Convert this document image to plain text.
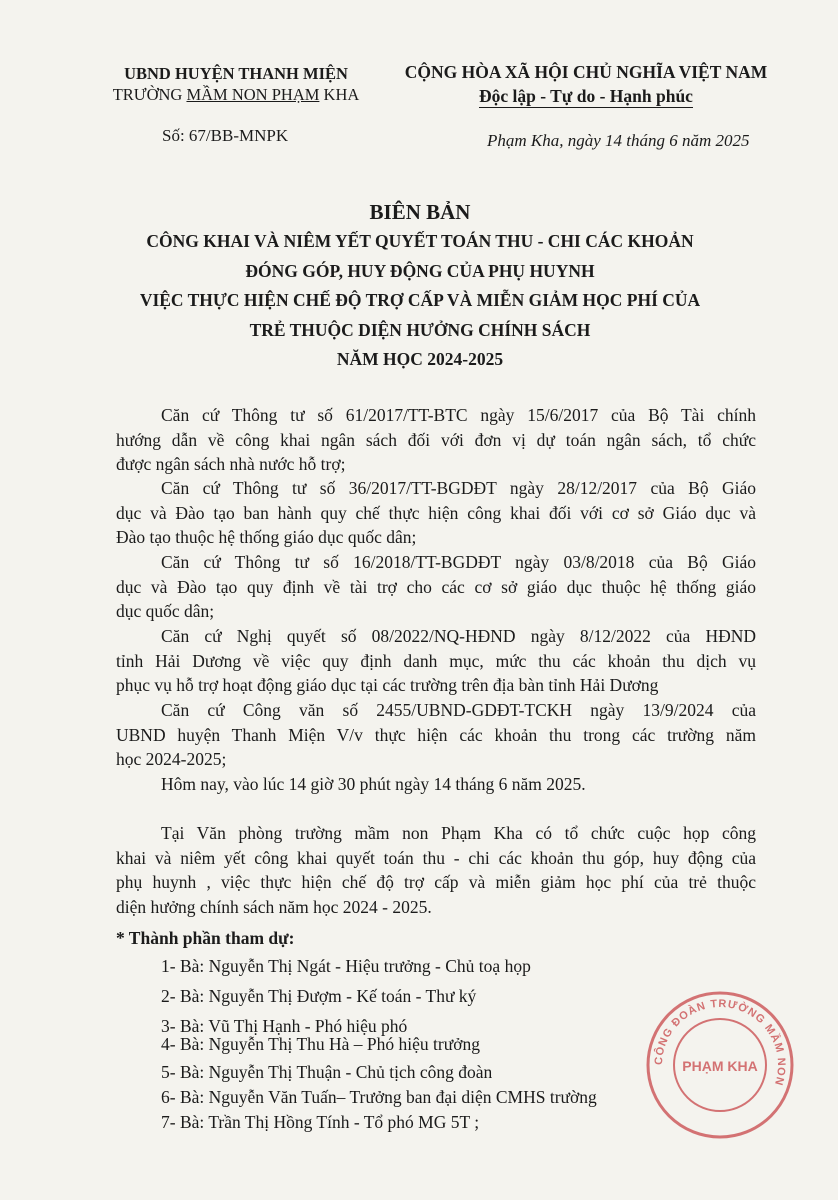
UBND HUYỆN THANH MIỆN
TRƯỜNG MẦM NON PHẠM KHA
CỘNG HÒA XÃ HỘI CHỦ NGHĨA VIỆT NAM
Độc lập - Tự do - Hạnh phúc
Số: 67/BB-MNPK	Phạm Kha, ngày 14 tháng 6 năm 2025
BIÊN BẢN
CÔNG KHAI VÀ NIÊM YẾT QUYẾT TOÁN THU - CHI CÁC KHOẢN
ĐÓNG GÓP, HUY ĐỘNG CỦA PHỤ HUYNH
VIỆC THỰC HIỆN CHẾ ĐỘ TRỢ CẤP VÀ MIỄN GIẢM HỌC PHÍ CỦA
TRẺ THUỘC DIỆN HƯỞNG CHÍNH SÁCH
NĂM HỌC 2024-2025
Căn cứ Thông tư số 61/2017/TT-BTC ngày 15/6/2017 của Bộ Tài chính
hướng dẫn về công khai ngân sách đối với đơn vị dự toán ngân sách, tổ chức
được ngân sách nhà nước hỗ trợ;
Căn cứ Thông tư số 36/2017/TT-BGDĐT ngày 28/12/2017 của Bộ Giáo
dục và Đào tạo ban hành quy chế thực hiện công khai đối với cơ sở Giáo dục và
Đào tạo thuộc hệ thống giáo dục quốc dân;
Căn cứ Thông tư số 16/2018/TT-BGDĐT ngày 03/8/2018 của Bộ Giáo
dục và Đào tạo quy định về tài trợ cho các cơ sở giáo dục thuộc hệ thống giáo
dục quốc dân;
Căn cứ Nghị quyết số 08/2022/NQ-HĐND ngày 8/12/2022 của HĐND
tỉnh Hải Dương về việc quy định danh mục, mức thu các khoản thu dịch vụ
phục vụ hỗ trợ hoạt động giáo dục tại các trường trên địa bàn tỉnh Hải Dương
Căn cứ Công văn số 2455/UBND-GDĐT-TCKH ngày 13/9/2024 của
UBND huyện Thanh Miện V/v thực hiện các khoản thu trong các trường năm
học 2024-2025;
Hôm nay, vào lúc 14 giờ 30 phút ngày 14 tháng 6 năm 2025.
Tại Văn phòng trường mầm non Phạm Kha có tổ chức cuộc họp công
khai và niêm yết công khai quyết toán thu - chi các khoản thu góp, huy động của
phụ huynh , việc thực hiện chế độ trợ cấp và miễn giảm học phí của trẻ thuộc
diện hưởng chính sách năm học 2024 - 2025.
* Thành phần tham dự:
1- Bà: Nguyễn Thị Ngát - Hiệu trưởng - Chủ toạ họp
2- Bà: Nguyễn Thị Đượm - Kế toán - Thư ký
3- Bà: Vũ Thị Hạnh - Phó hiệu phó
4- Bà: Nguyễn Thị Thu Hà – Phó hiệu trưởng
5- Bà: Nguyễn Thị Thuận - Chủ tịch công đoàn
6- Bà: Nguyễn Văn Tuấn– Trưởng ban đại diện CMHS trường
7- Bà: Trần Thị Hồng Tính - Tổ phó MG 5T ;
CÔNG ĐOÀN TRƯỜNG MẦM NON
PHẠM KHA
